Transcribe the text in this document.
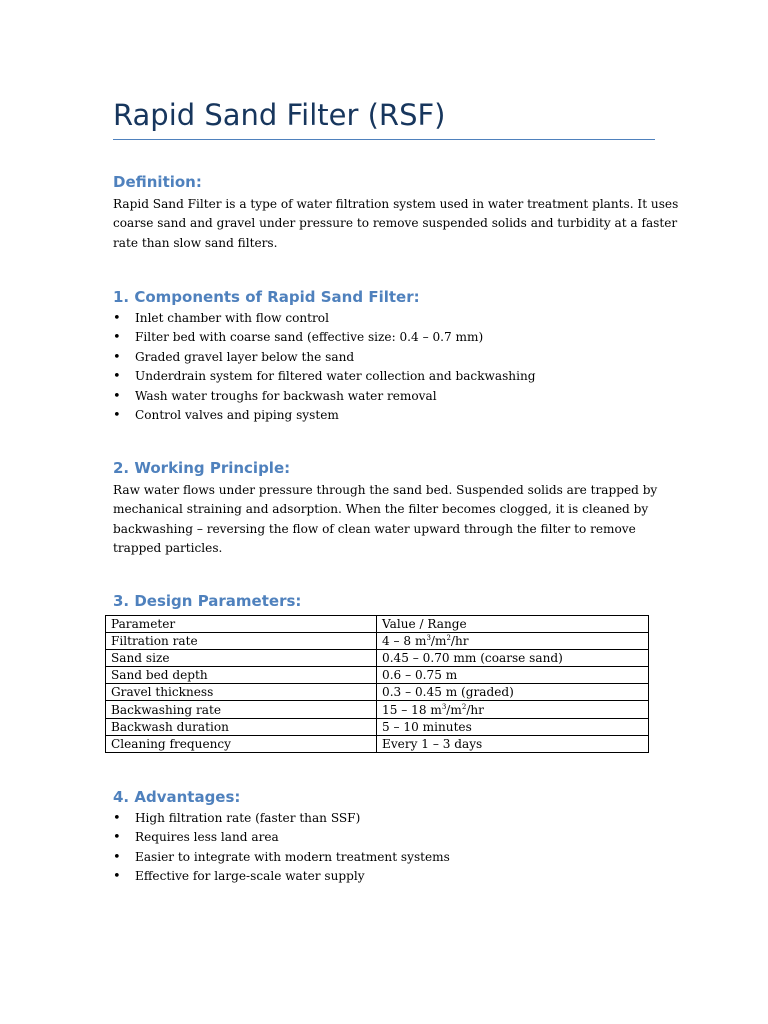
Rapid Sand Filter (RSF)
Definition:

Rapid Sand Filter is a type of water filtration system used in water treatment plants. It uses
coarse sand and gravel under pressure to remove suspended solids and turbidity at a faster
rate than slow sand filters.

1. Components of Rapid Sand Filter:
• Inlet chamber with flow control
• Filter bed with coarse sand (effective size: 0.4 – 0.7 mm)
• Graded gravel layer below the sand
• Underdrain system for filtered water collection and backwashing
• Wash water troughs for backwash water removal
• Control valves and piping system
2. Working Principle:

Raw water flows under pressure through the sand bed. Suspended solids are trapped by
mechanical straining and adsorption. When the filter becomes clogged, it is cleaned by
backwashing – reversing the flow of clean water upward through the filter to remove
trapped particles.

3. Design Parameters:
Parameter	Value / Range
Filtration rate	4 – 8 $m^3/m^2/hr$
Sand size	0.45 – 0.70 mm (coarse sand)
Sand bed depth	0.6 – 0.75 m
Gravel thickness	0.3 – 0.45 m (graded)
Backwashing rate	15 – 18 $m^3/m^2/hr$
Backwash duration	5 – 10 minutes
Cleaning frequency	Every 1 – 3 days
4. Advantages:
• High filtration rate (faster than SSF)
• Requires less land area
• Easier to integrate with modern treatment systems
• Effective for large-scale water supply
